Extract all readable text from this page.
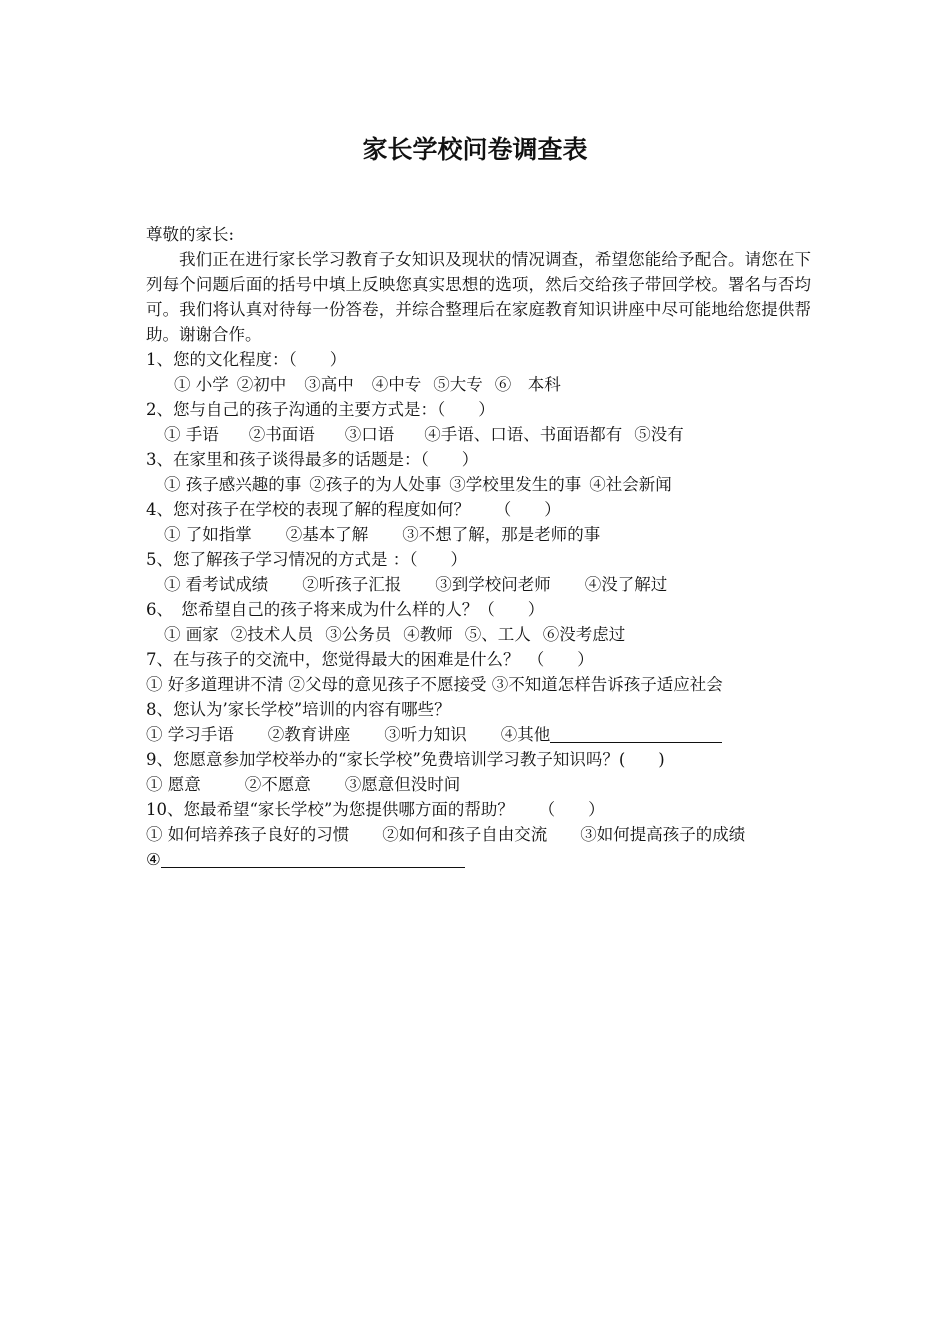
家长学校问卷调查表
尊敬的家长:
我们正在进行家长学习教育子女知识及现状的情况调查，希望您能给予配合。请您在下列每个问题后面的括号中填上反映您真实思想的选项，然后交给孩子带回学校。署名与否均可。我们将认真对待每一份答卷，并综合整理后在家庭教育知识讲座中尽可能地给您提供帮助。谢谢合作。
1、您的文化程度：（　　）
① 小学 ②初中 ③高中 ④中专 ⑤大专 ⑥　本科
2、您与自己的孩子沟通的主要方式是：（　　）
① 手语 ②书面语 ③口语 ④手语、口语、书面语都有 ⑤没有
3、在家里和孩子谈得最多的话题是：（　　）
① 孩子感兴趣的事 ②孩子的为人处事 ③学校里发生的事 ④社会新闻
4、您对孩子在学校的表现了解的程度如何？　　（　　）
① 了如指掌 ②基本了解 ③不想了解，那是老师的事
5、您了解孩子学习情况的方式是 ：（　　）
① 看考试成绩 ②听孩子汇报 ③到学校问老师 ④没了解过
6、　您希望自己的孩子将来成为什么样的人？（　　）
① 画家 ②技术人员 ③公务员 ④教师 ⑤、工人 ⑥没考虑过
7、在与孩子的交流中，您觉得最大的困难是什么？　（　　）
① 好多道理讲不清 ②父母的意见孩子不愿接受 ③不知道怎样告诉孩子适应社会
8、您认为’家长学校”培训的内容有哪些？
① 学习手语 ②教育讲座 ③听力知识 ④其他
9、您愿意参加学校举办的“家长学校”免费培训学习教子知识吗？(　　)
① 愿意	②不愿意 ③愿意但没时间
10、您最希望“家长学校”为您提供哪方面的帮助？　　（　　）
① 如何培养孩子良好的习惯　　②如何和孩子自由交流　　③如何提高孩子的成绩
④
